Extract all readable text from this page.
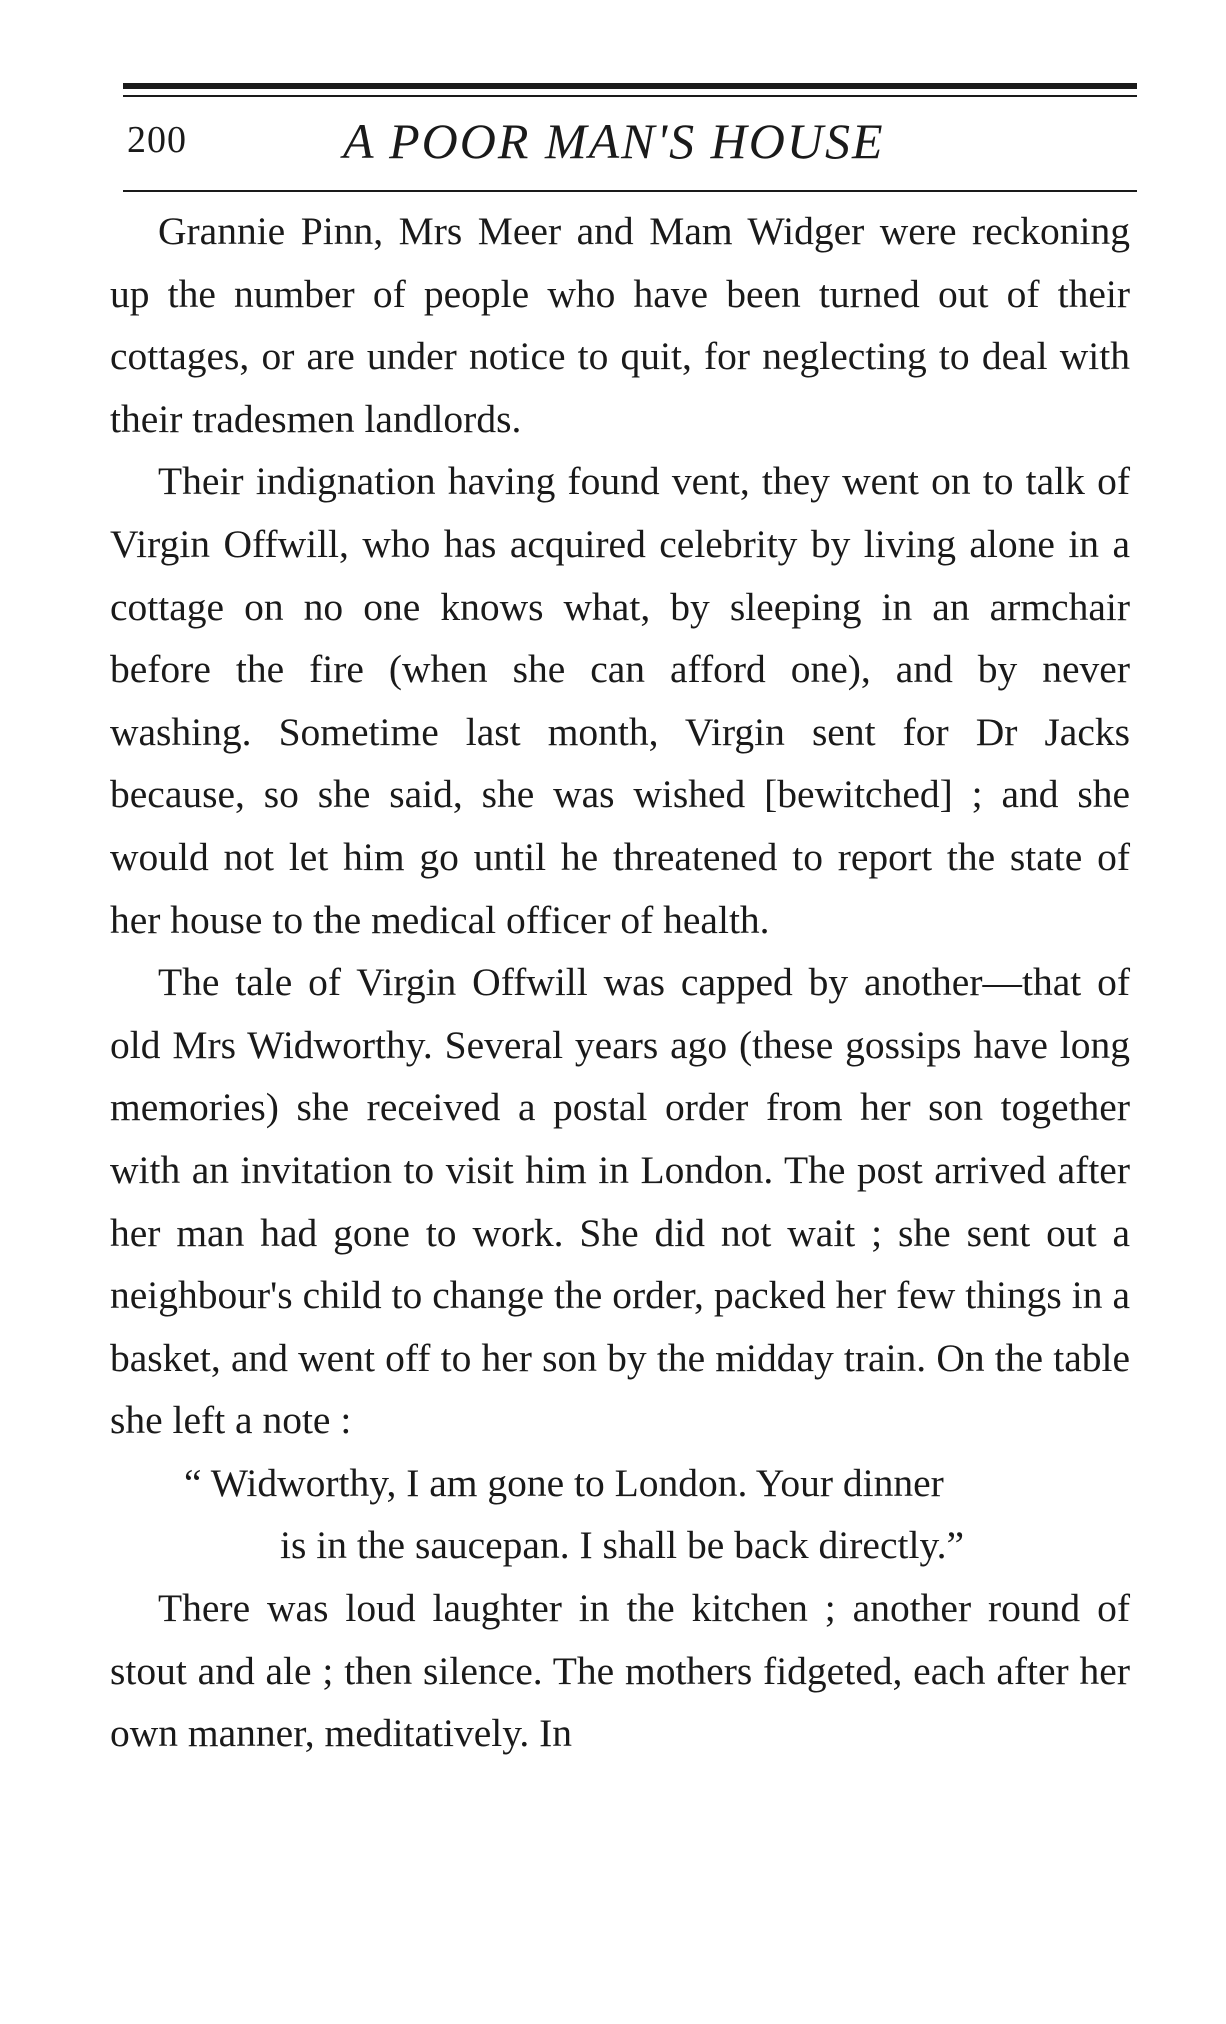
200	A POOR MAN'S HOUSE

Grannie Pinn, Mrs Meer and Mam Widger were reckoning up the number of people who have been turned out of their cottages, or are under notice to quit, for neglecting to deal with their tradesmen landlords.

Their indignation having found vent, they went on to talk of Virgin Offwill, who has acquired celebrity by living alone in a cottage on no one knows what, by sleeping in an armchair before the fire (when she can afford one), and by never washing. Sometime last month, Virgin sent for Dr Jacks because, so she said, she was wished [bewitched] ; and she would not let him go until he threatened to report the state of her house to the medical officer of health.

The tale of Virgin Offwill was capped by another—that of old Mrs Widworthy. Several years ago (these gossips have long memories) she received a postal order from her son together with an invitation to visit him in London. The post arrived after her man had gone to work. She did not wait ; she sent out a neighbour's child to change the order, packed her few things in a basket, and went off to her son by the midday train. On the table she left a note :

“ Widworthy, I am gone to London. Your dinner
is in the saucepan. I shall be back directly.”

There was loud laughter in the kitchen ; another round of stout and ale ; then silence. The mothers fidgeted, each after her own manner, meditatively. In
